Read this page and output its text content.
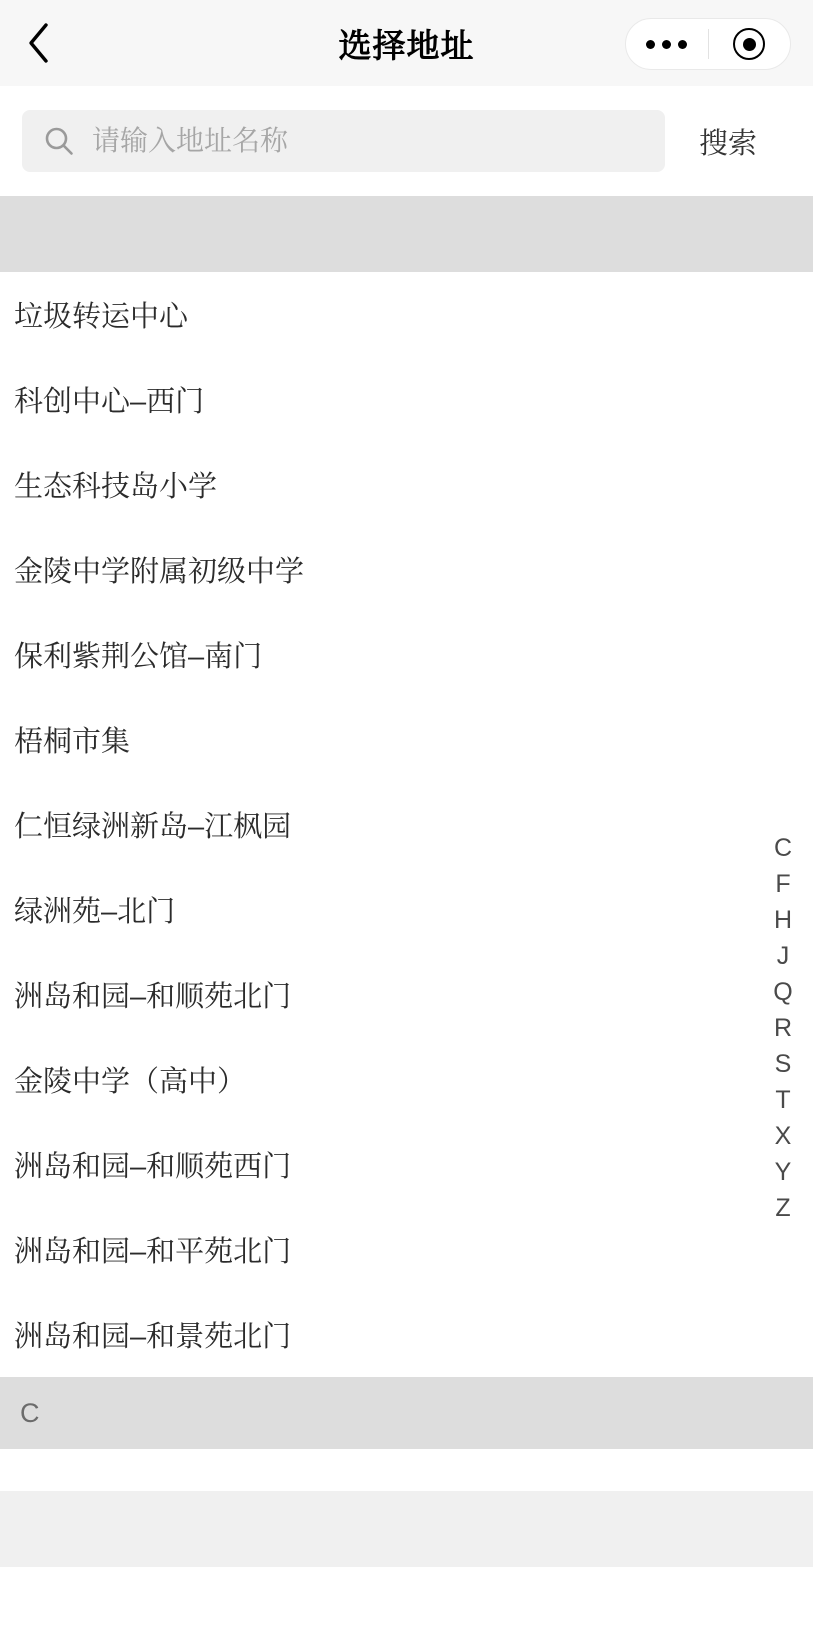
选择地址
请输入地址名称
搜索
垃圾转运中心
科创中心–西门
生态科技岛小学
金陵中学附属初级中学
保利紫荆公馆–南门
梧桐市集
仁恒绿洲新岛–江枫园
绿洲苑–北门
洲岛和园–和顺苑北门
金陵中学（高中）
洲岛和园–和顺苑西门
洲岛和园–和平苑北门
洲岛和园–和景苑北门
C
C
F
H
J
Q
R
S
T
X
Y
Z
